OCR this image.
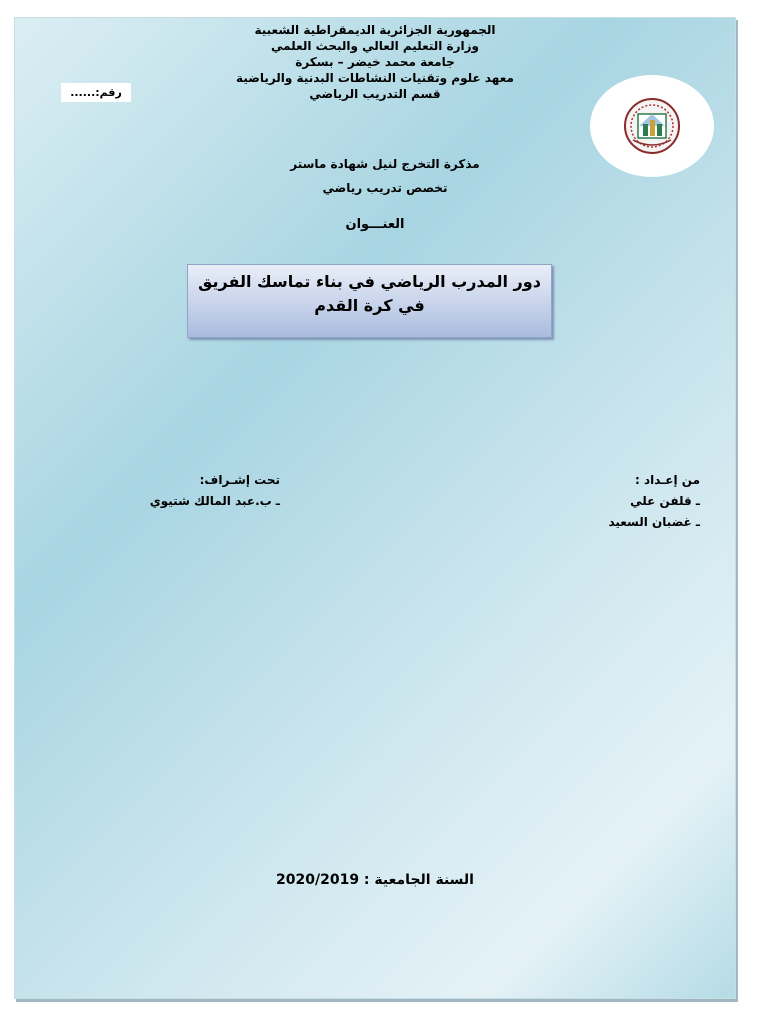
الجمهورية الجزائرية الديمقراطية الشعبية
وزارة التعليم العالي والبحث العلمي
جامعة محمد خيضر – بسكرة
معهد علوم وتقنيات النشاطات البدنية والرياضية
قسم التدريب الرياضي
رقم:......
مذكرة التخرج لنيل شهادة ماستر
تخصص تدريب رياضي
العنـــوان
دور المدرب الرياضي في بناء تماسك الفريق
في كرة القدم
من إعـداد :
ـ قلفن علي
ـ غضبان السعيد
تحت إشـراف:
ـ ب.عبد المالك شتيوي
السنة الجامعية : 2020/2019
